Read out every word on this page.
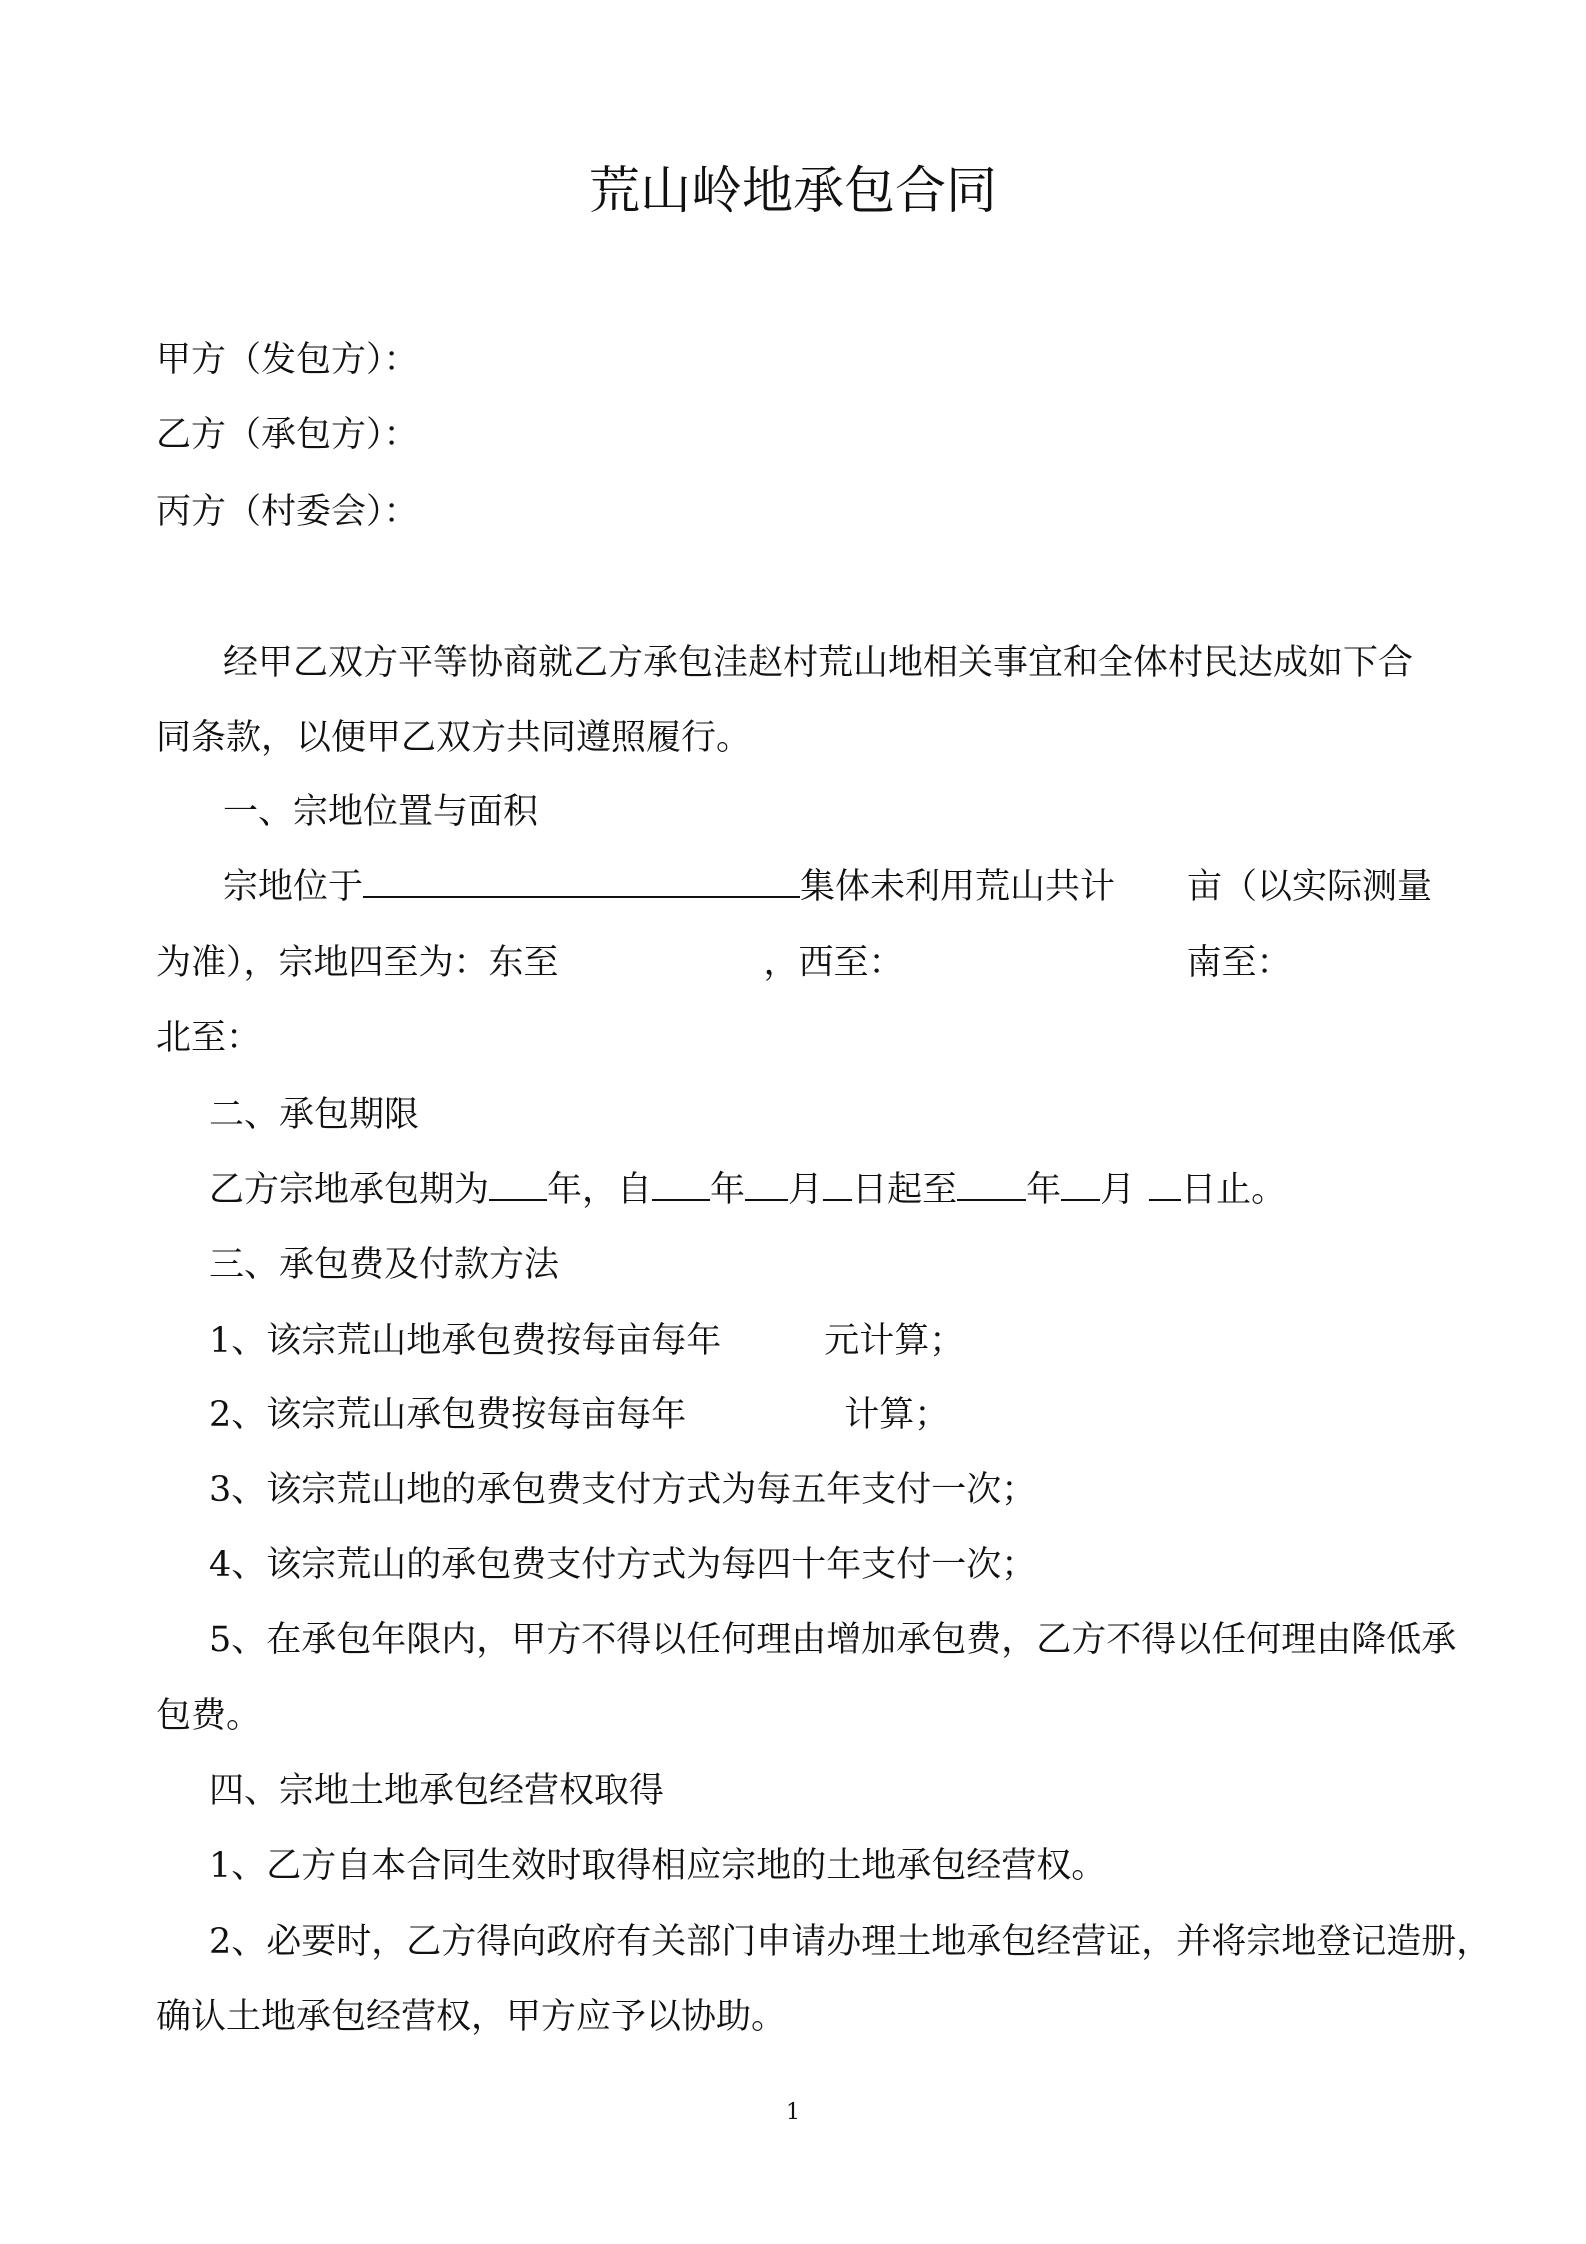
荒山岭地承包合同
甲方（发包方）：
乙方（承包方）：
丙方（村委会）：
经甲乙双方平等协商就乙方承包洼赵村荒山地相关事宜和全体村民达成如下合
同条款，以便甲乙双方共同遵照履行。
一、宗地位置与面积
宗地位于	集体未利用荒山共计 亩（以实际测量
为准），宗地四至为：东至	，西至：	南至：
北至：
二、承包期限
乙方宗地承包期为 年，自 年 月 日起至 年 月 日止。
三、承包费及付款方法
1、该宗荒山地承包费按每亩每年	元计算；
2、该宗荒山承包费按每亩每年	计算；
3、该宗荒山地的承包费支付方式为每五年支付一次；
4、该宗荒山的承包费支付方式为每四十年支付一次；
5、在承包年限内，甲方不得以任何理由增加承包费，乙方不得以任何理由降低承
包费。
四、宗地土地承包经营权取得
1、乙方自本合同生效时取得相应宗地的土地承包经营权。
2、必要时，乙方得向政府有关部门申请办理土地承包经营证，并将宗地登记造册，
确认土地承包经营权，甲方应予以协助。
1
